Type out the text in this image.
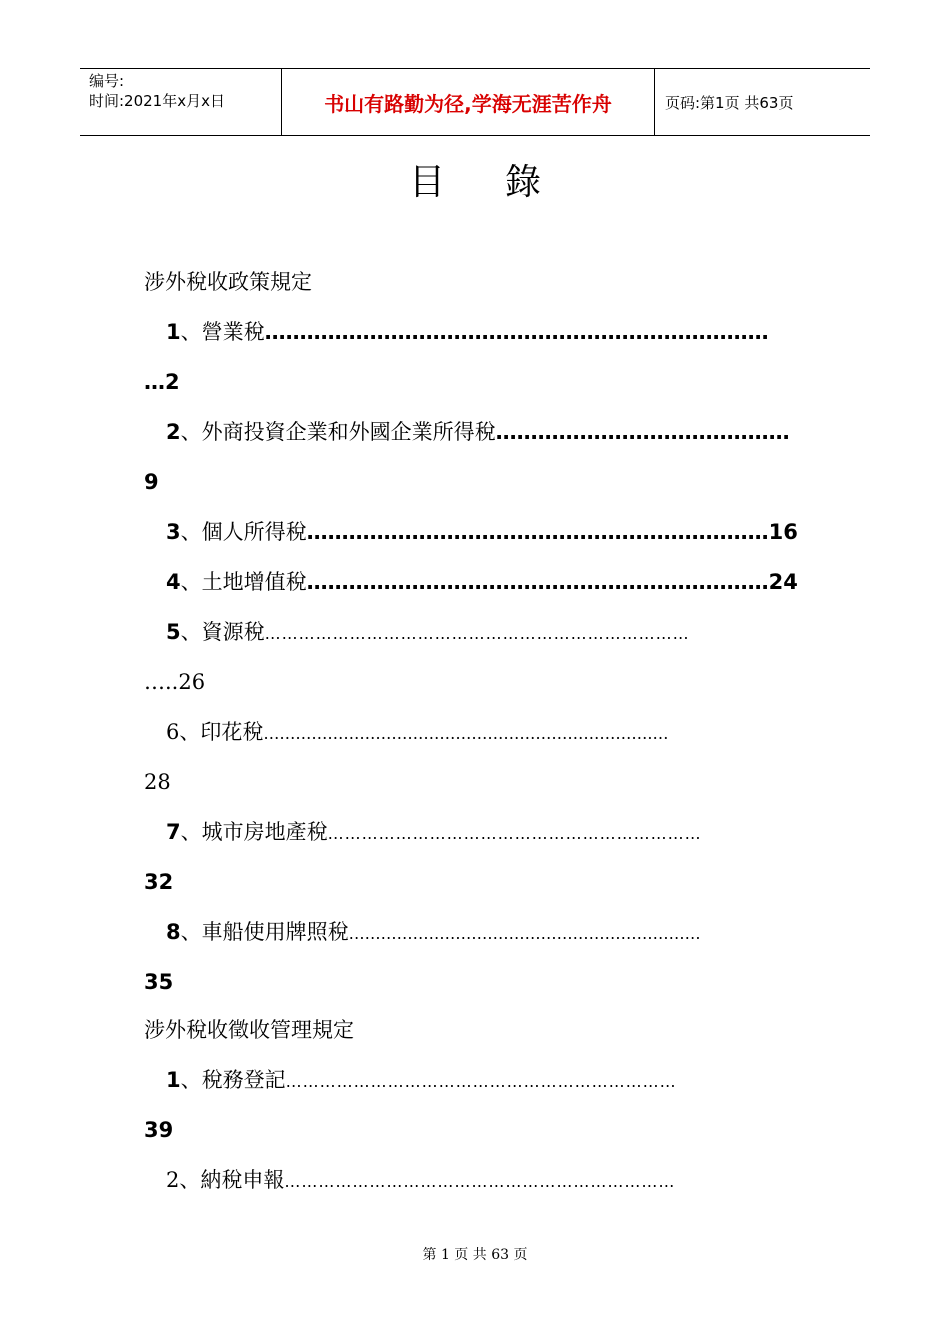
编号:
时间:2021年x月x日	书山有路勤为径,学海无涯苦作舟	页码:第1页 共63页
目 錄
涉外稅收政策規定
1、營業稅………………………………………………………………
…2
2、外商投資企業和外國企業所得稅……………………………………
9
3、個人所得稅…………………………………………………………16
4、土地增值稅…………………………………………………………24
5、資源稅…………………………………………………………………
…..26
6、印花稅……………………………………………………………….…
28
7、城市房地產稅…………………………………………………………
32
8、車船使用牌照稅…………………………………………………………
35
涉外稅收徵收管理規定
1、稅務登記……………………………………………………………
39
2、納稅申報……………………………………………………………
第 1 页 共 63 页
